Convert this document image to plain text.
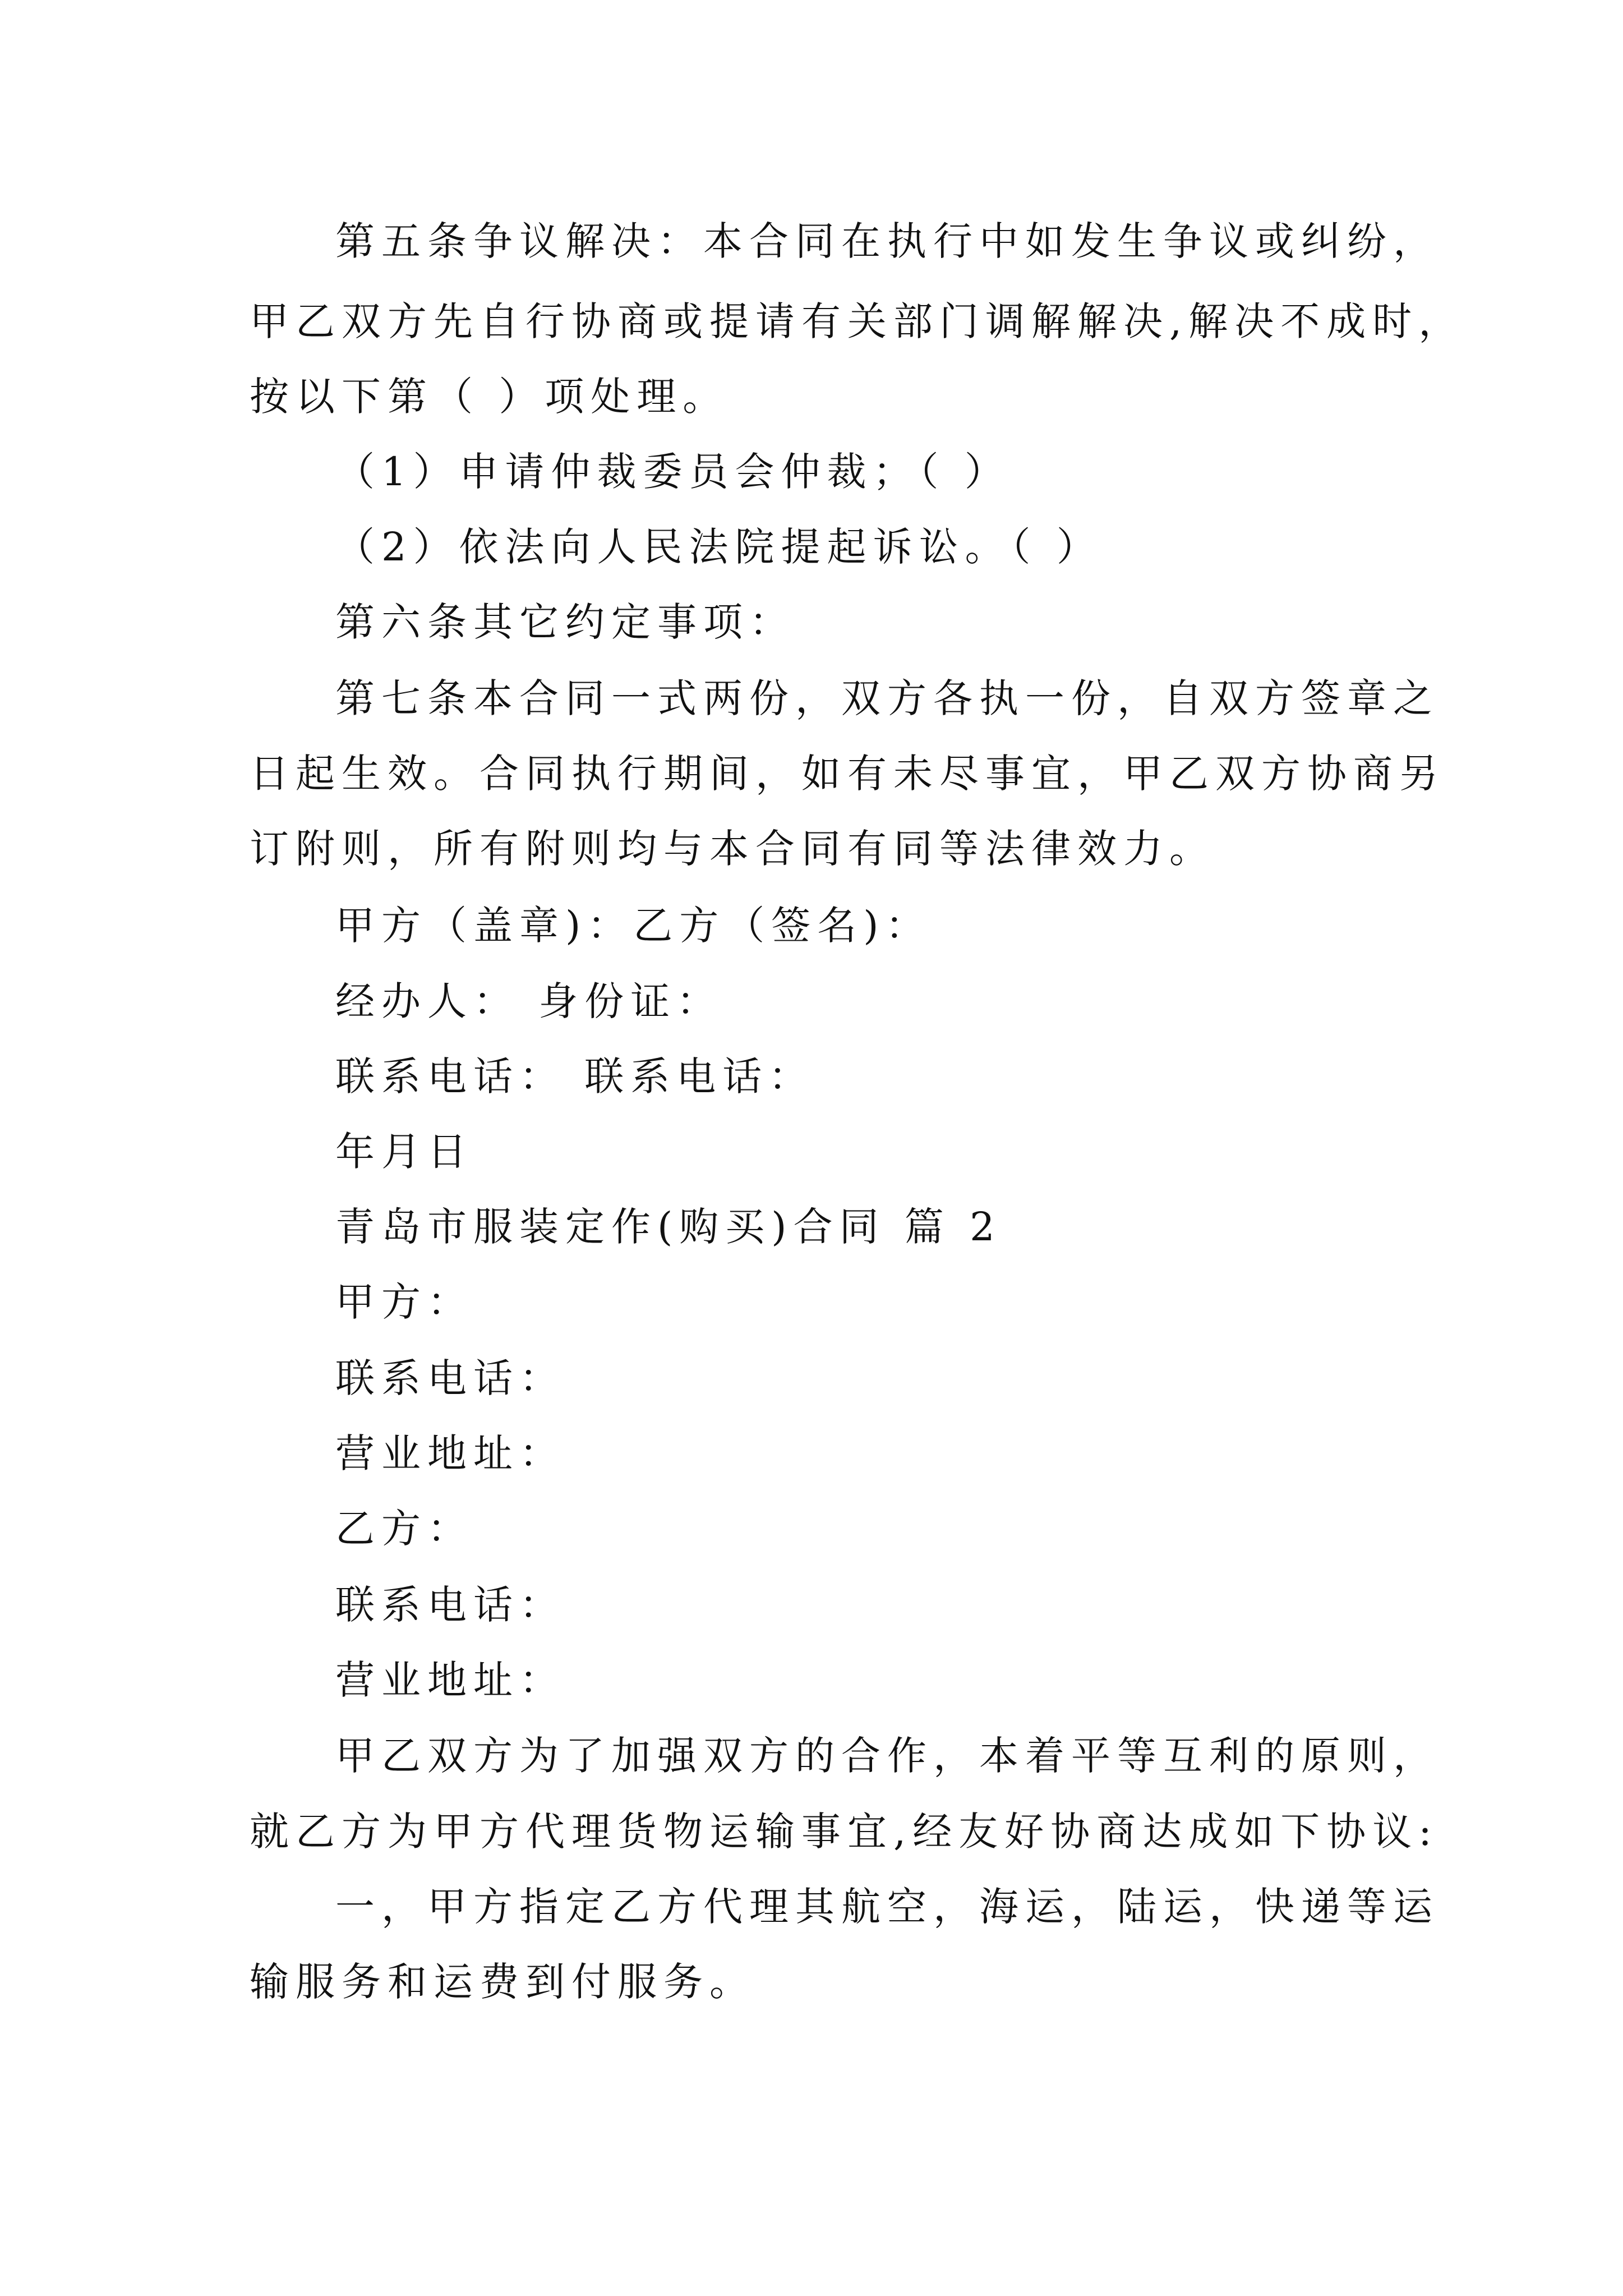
第五条争议解决：本合同在执行中如发生争议或纠纷，
甲乙双方先自行协商或提请有关部门调解解决,解决不成时，
按以下第（ ）项处理。
（1）申请仲裁委员会仲裁；（ ）
（2）依法向人民法院提起诉讼。（ ）
第六条其它约定事项：
第七条本合同一式两份，双方各执一份，自双方签章之
日起生效。合同执行期间，如有未尽事宜，甲乙双方协商另
订附则，所有附则均与本合同有同等法律效力。
甲方（盖章)：乙方（签名)：
经办人： 身份证：
联系电话： 联系电话：
年月日
青岛市服装定作(购买)合同 篇 2
甲方：
联系电话：
营业地址：
乙方：
联系电话：
营业地址：
甲乙双方为了加强双方的合作，本着平等互利的原则，
就乙方为甲方代理货物运输事宜,经友好协商达成如下协议:
一，甲方指定乙方代理其航空，海运，陆运，快递等运
输服务和运费到付服务。
